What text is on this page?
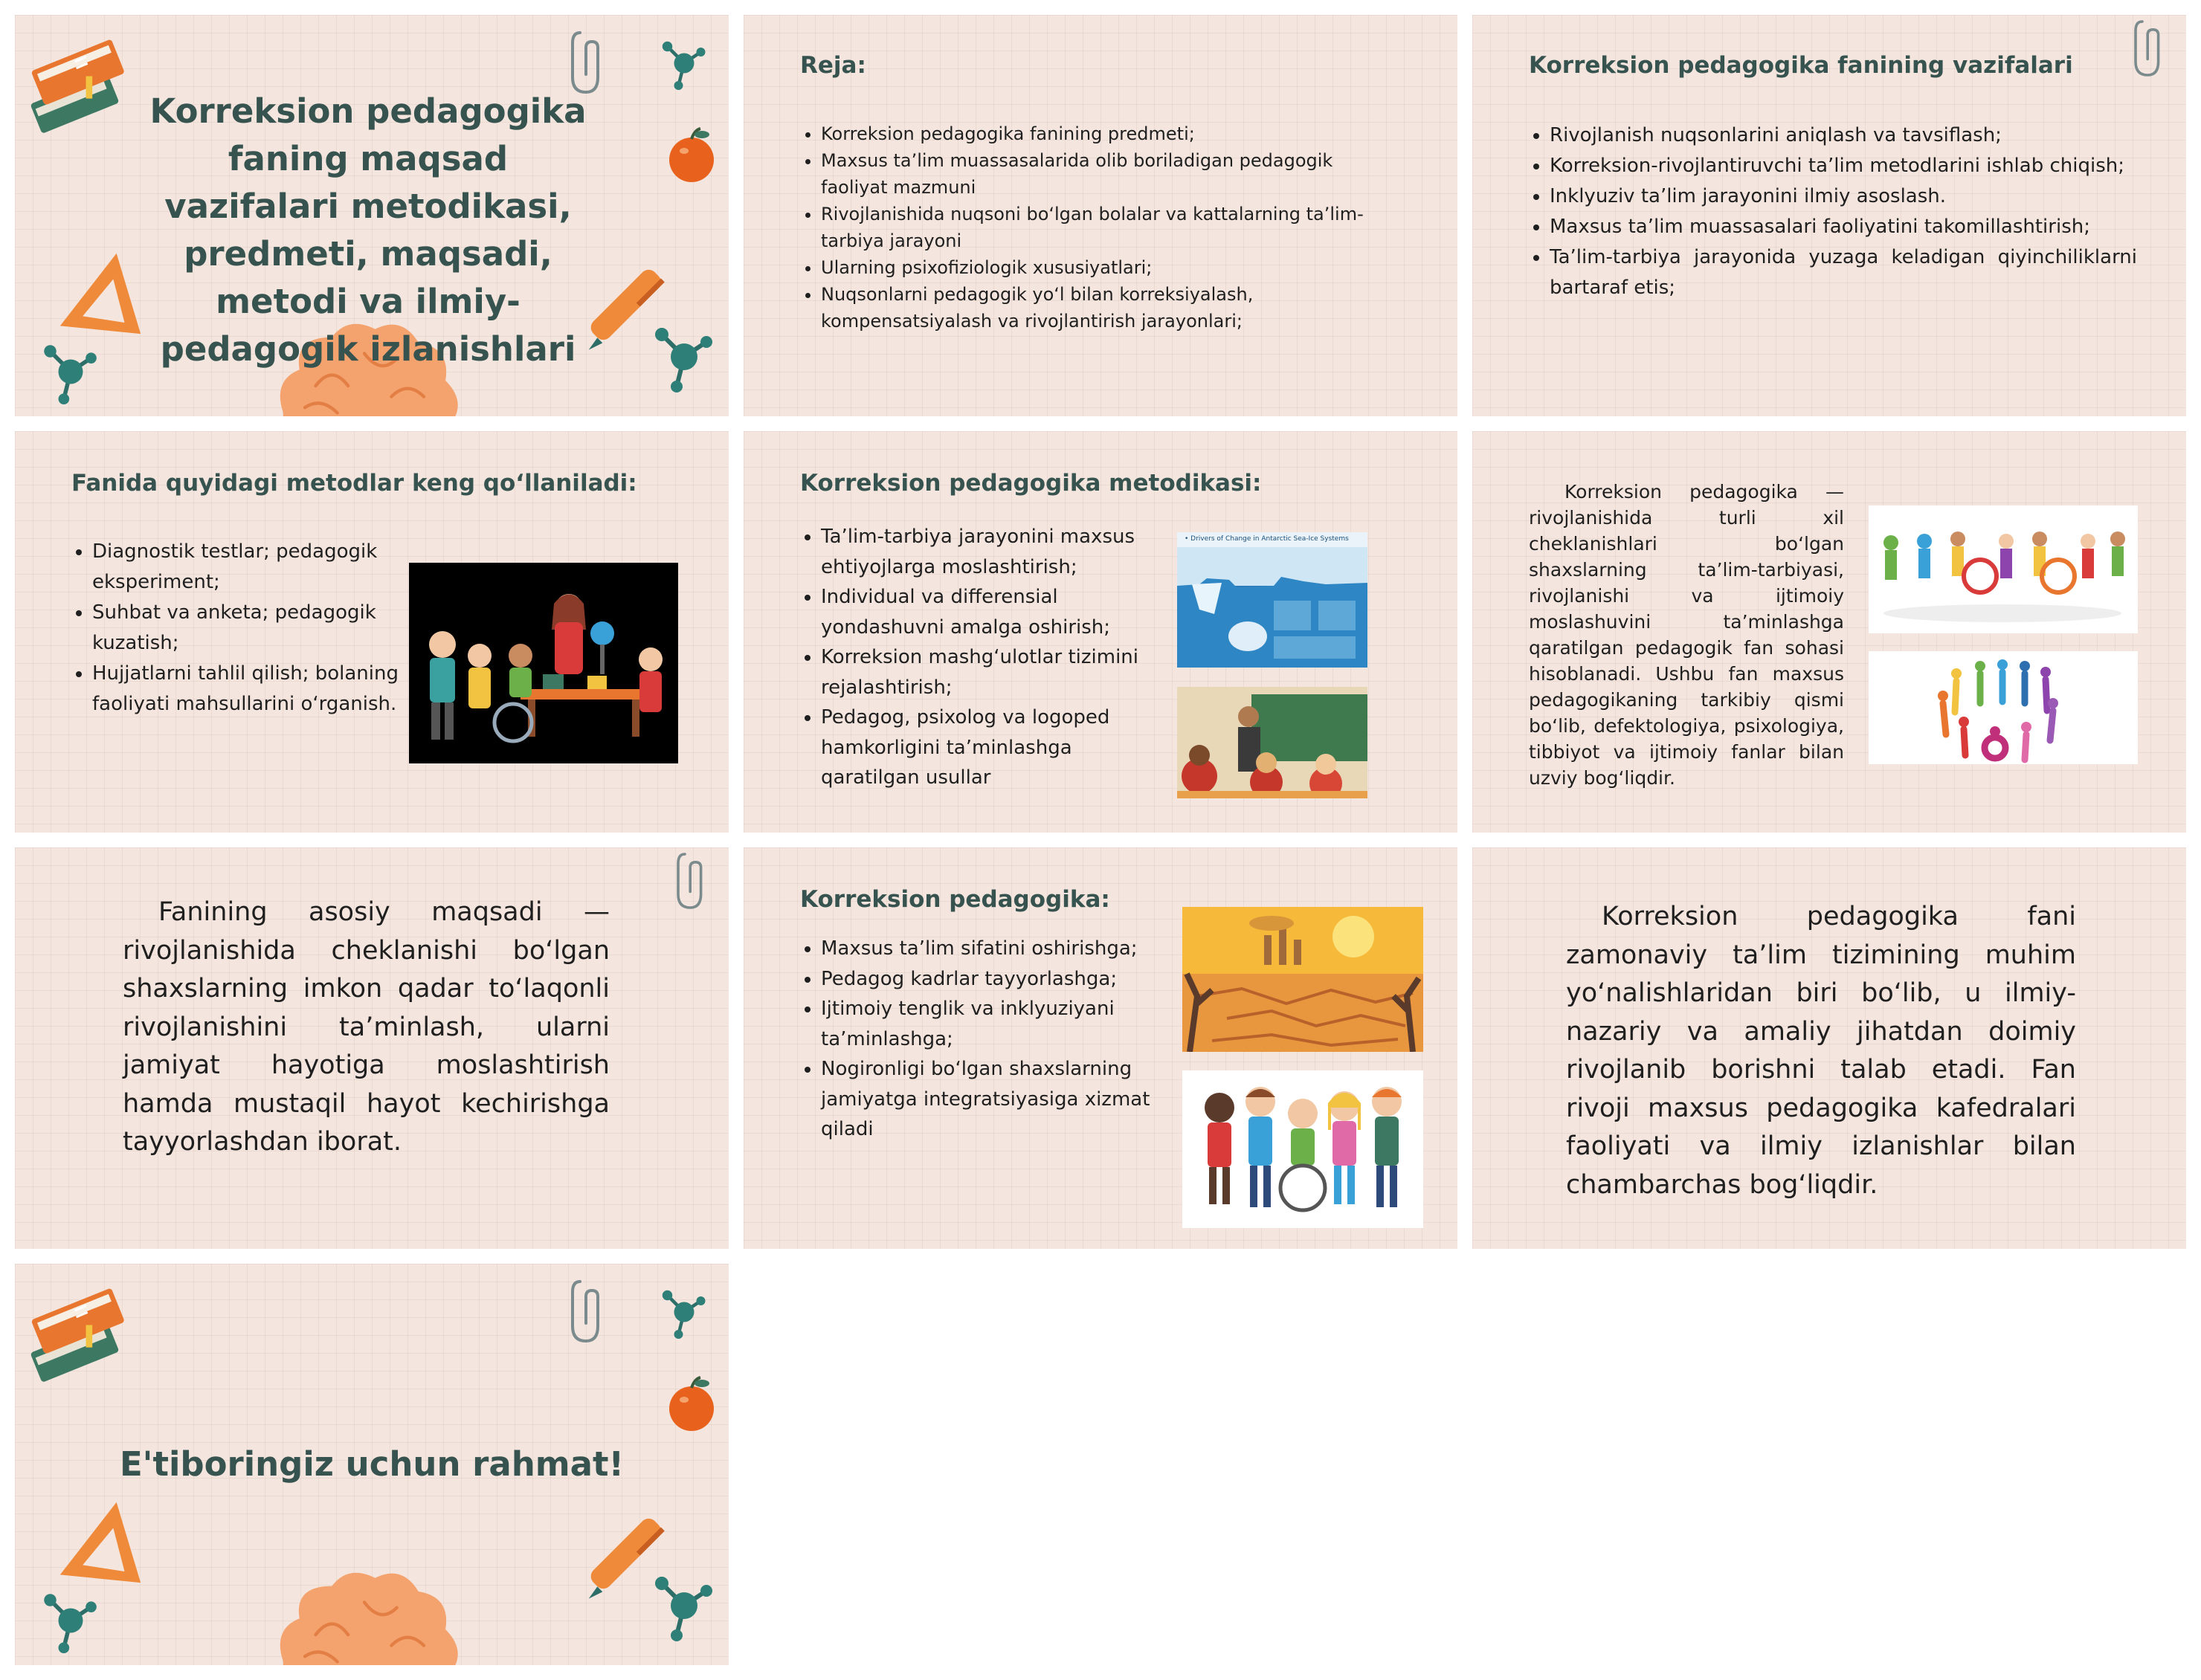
Korreksion pedagogika faning maqsad vazifalari metodikasi, predmeti, maqsadi, metodi va ilmiy-pedagogik izlanishlari
Reja:
• Korreksion pedagogika fanining predmeti;
• Maxsus ta’lim muassasalarida olib boriladigan pedagogik faoliyat mazmuni
• Rivojlanishida nuqsoni bo‘lgan bolalar va kattalarning ta’lim-tarbiya jarayoni
• Ularning psixofiziologik xususiyatlari;
• Nuqsonlarni pedagogik yo‘l bilan korreksiyalash, kompensatsiyalash va rivojlantirish jarayonlari;
Korreksion pedagogika fanining vazifalari
• Rivojlanish nuqsonlarini aniqlash va tavsiflash;
• Korreksion-rivojlantiruvchi ta’lim metodlarini ishlab chiqish;
• Inklyuziv ta’lim jarayonini ilmiy asoslash.
• Maxsus ta’lim muassasalari faoliyatini takomillashtirish;
• Ta’lim-tarbiya jarayonida yuzaga keladigan qiyinchiliklarni bartaraf etis;
Fanida quyidagi metodlar keng qo‘llaniladi:
• Diagnostik testlar; pedagogik eksperiment;
• Suhbat va anketa; pedagogik kuzatish;
• Hujjatlarni tahlil qilish; bolaning faoliyati mahsullarini o‘rganish.
Korreksion pedagogika metodikasi:
• Ta’lim-tarbiya jarayonini maxsus ehtiyojlarga moslashtirish;
• Individual va differensial yondashuvni amalga oshirish;
• Korreksion mashg‘ulotlar tizimini rejalashtirish;
• Pedagog, psixolog va logoped hamkorligini ta’minlashga qaratilgan usullar
• Drivers of Change in Antarctic Sea-Ice Systems
Korreksion pedagogika — rivojlanishida turli xil cheklanishlari bo‘lgan shaxslarning ta’lim-tarbiyasi, rivojlanishi va ijtimoiy moslashuvini ta’minlashga qaratilgan pedagogik fan sohasi hisoblanadi. Ushbu fan maxsus pedagogikaning tarkibiy qismi bo‘lib, defektologiya, psixologiya, tibbiyot va ijtimoiy fanlar bilan uzviy bog‘liqdir.
Fanining asosiy maqsadi — rivojlanishida cheklanishi bo‘lgan shaxslarning imkon qadar to‘laqonli rivojlanishini ta’minlash, ularni jamiyat hayotiga moslashtirish hamda mustaqil hayot kechirishga tayyorlashdan iborat.
Korreksion pedagogika:
• Maxsus ta’lim sifatini oshirishga;
• Pedagog kadrlar tayyorlashga;
• Ijtimoiy tenglik va inklyuziyani ta’minlashga;
• Nogironligi bo‘lgan shaxslarning jamiyatga integratsiyasiga xizmat qiladi
Korreksion pedagogika fani zamonaviy ta’lim tizimining muhim yo‘nalishlaridan biri bo‘lib, u ilmiy-nazariy va amaliy jihatdan doimiy rivojlanib borishni talab etadi. Fan rivoji maxsus pedagogika kafedralari faoliyati va ilmiy izlanishlar bilan chambarchas bog‘liqdir.
E'tiboringiz uchun rahmat!
